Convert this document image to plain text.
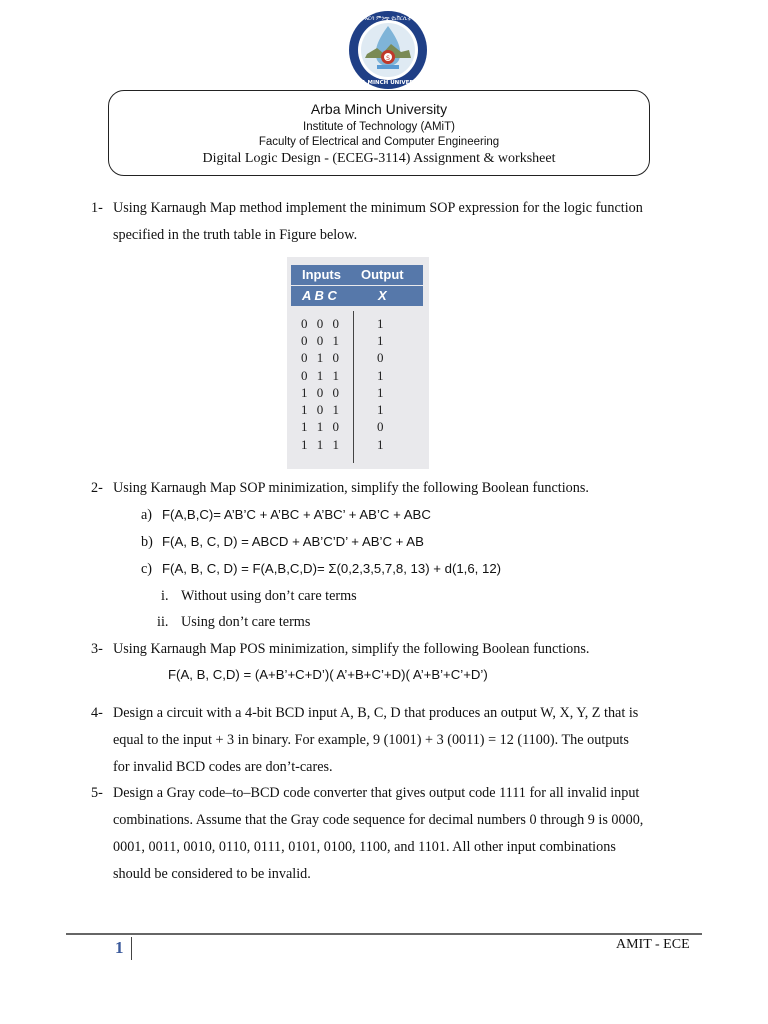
S
ARBA MINCH UNIVERSITY
አርባ ምንጭ ዩኒቨርሲቲ
Arba Minch University
Institute of Technology (AMiT)
Faculty of Electrical and Computer Engineering
Digital Logic Design - (ECEG-3114) Assignment & worksheet
1- Using Karnaugh Map method implement the minimum SOP expression for the logic function
specified in the truth table in Figure below.
Inputs Output
A B C	X
0 0 0	1
0 0 1	1
0 1 0	0
0 1 1	1
1 0 0	1
1 0 1	1
1 1 0	0
1 1 1	1
2- Using Karnaugh Map SOP minimization, simplify the following Boolean functions.
a) F(A,B,C)= A’B’C + A’BC + A’BC’ + AB’C + ABC
b) F(A, B, C, D) = ABCD + AB’C’D’ + AB’C + AB
c) F(A, B, C, D) = F(A,B,C,D)= Σ(0,2,3,5,7,8, 13) + d(1,6, 12)
i. Without using don’t care terms
ii. Using don’t care terms
3- Using Karnaugh Map POS minimization, simplify the following Boolean functions.
F(A, B, C,D) = (A+B’+C+D’)( A’+B+C’+D)( A’+B’+C’+D’)
4- Design a circuit with a 4-bit BCD input A, B, C, D that produces an output W, X, Y, Z that is
equal to the input + 3 in binary. For example, 9 (1001) + 3 (0011) = 12 (1100). The outputs
for invalid BCD codes are don’t-cares.
5- Design a Gray code–to–BCD code converter that gives output code 1111 for all invalid input
combinations. Assume that the Gray code sequence for decimal numbers 0 through 9 is 0000,
0001, 0011, 0010, 0110, 0111, 0101, 0100, 1100, and 1101. All other input combinations
should be considered to be invalid.
1	AMIT - ECE
